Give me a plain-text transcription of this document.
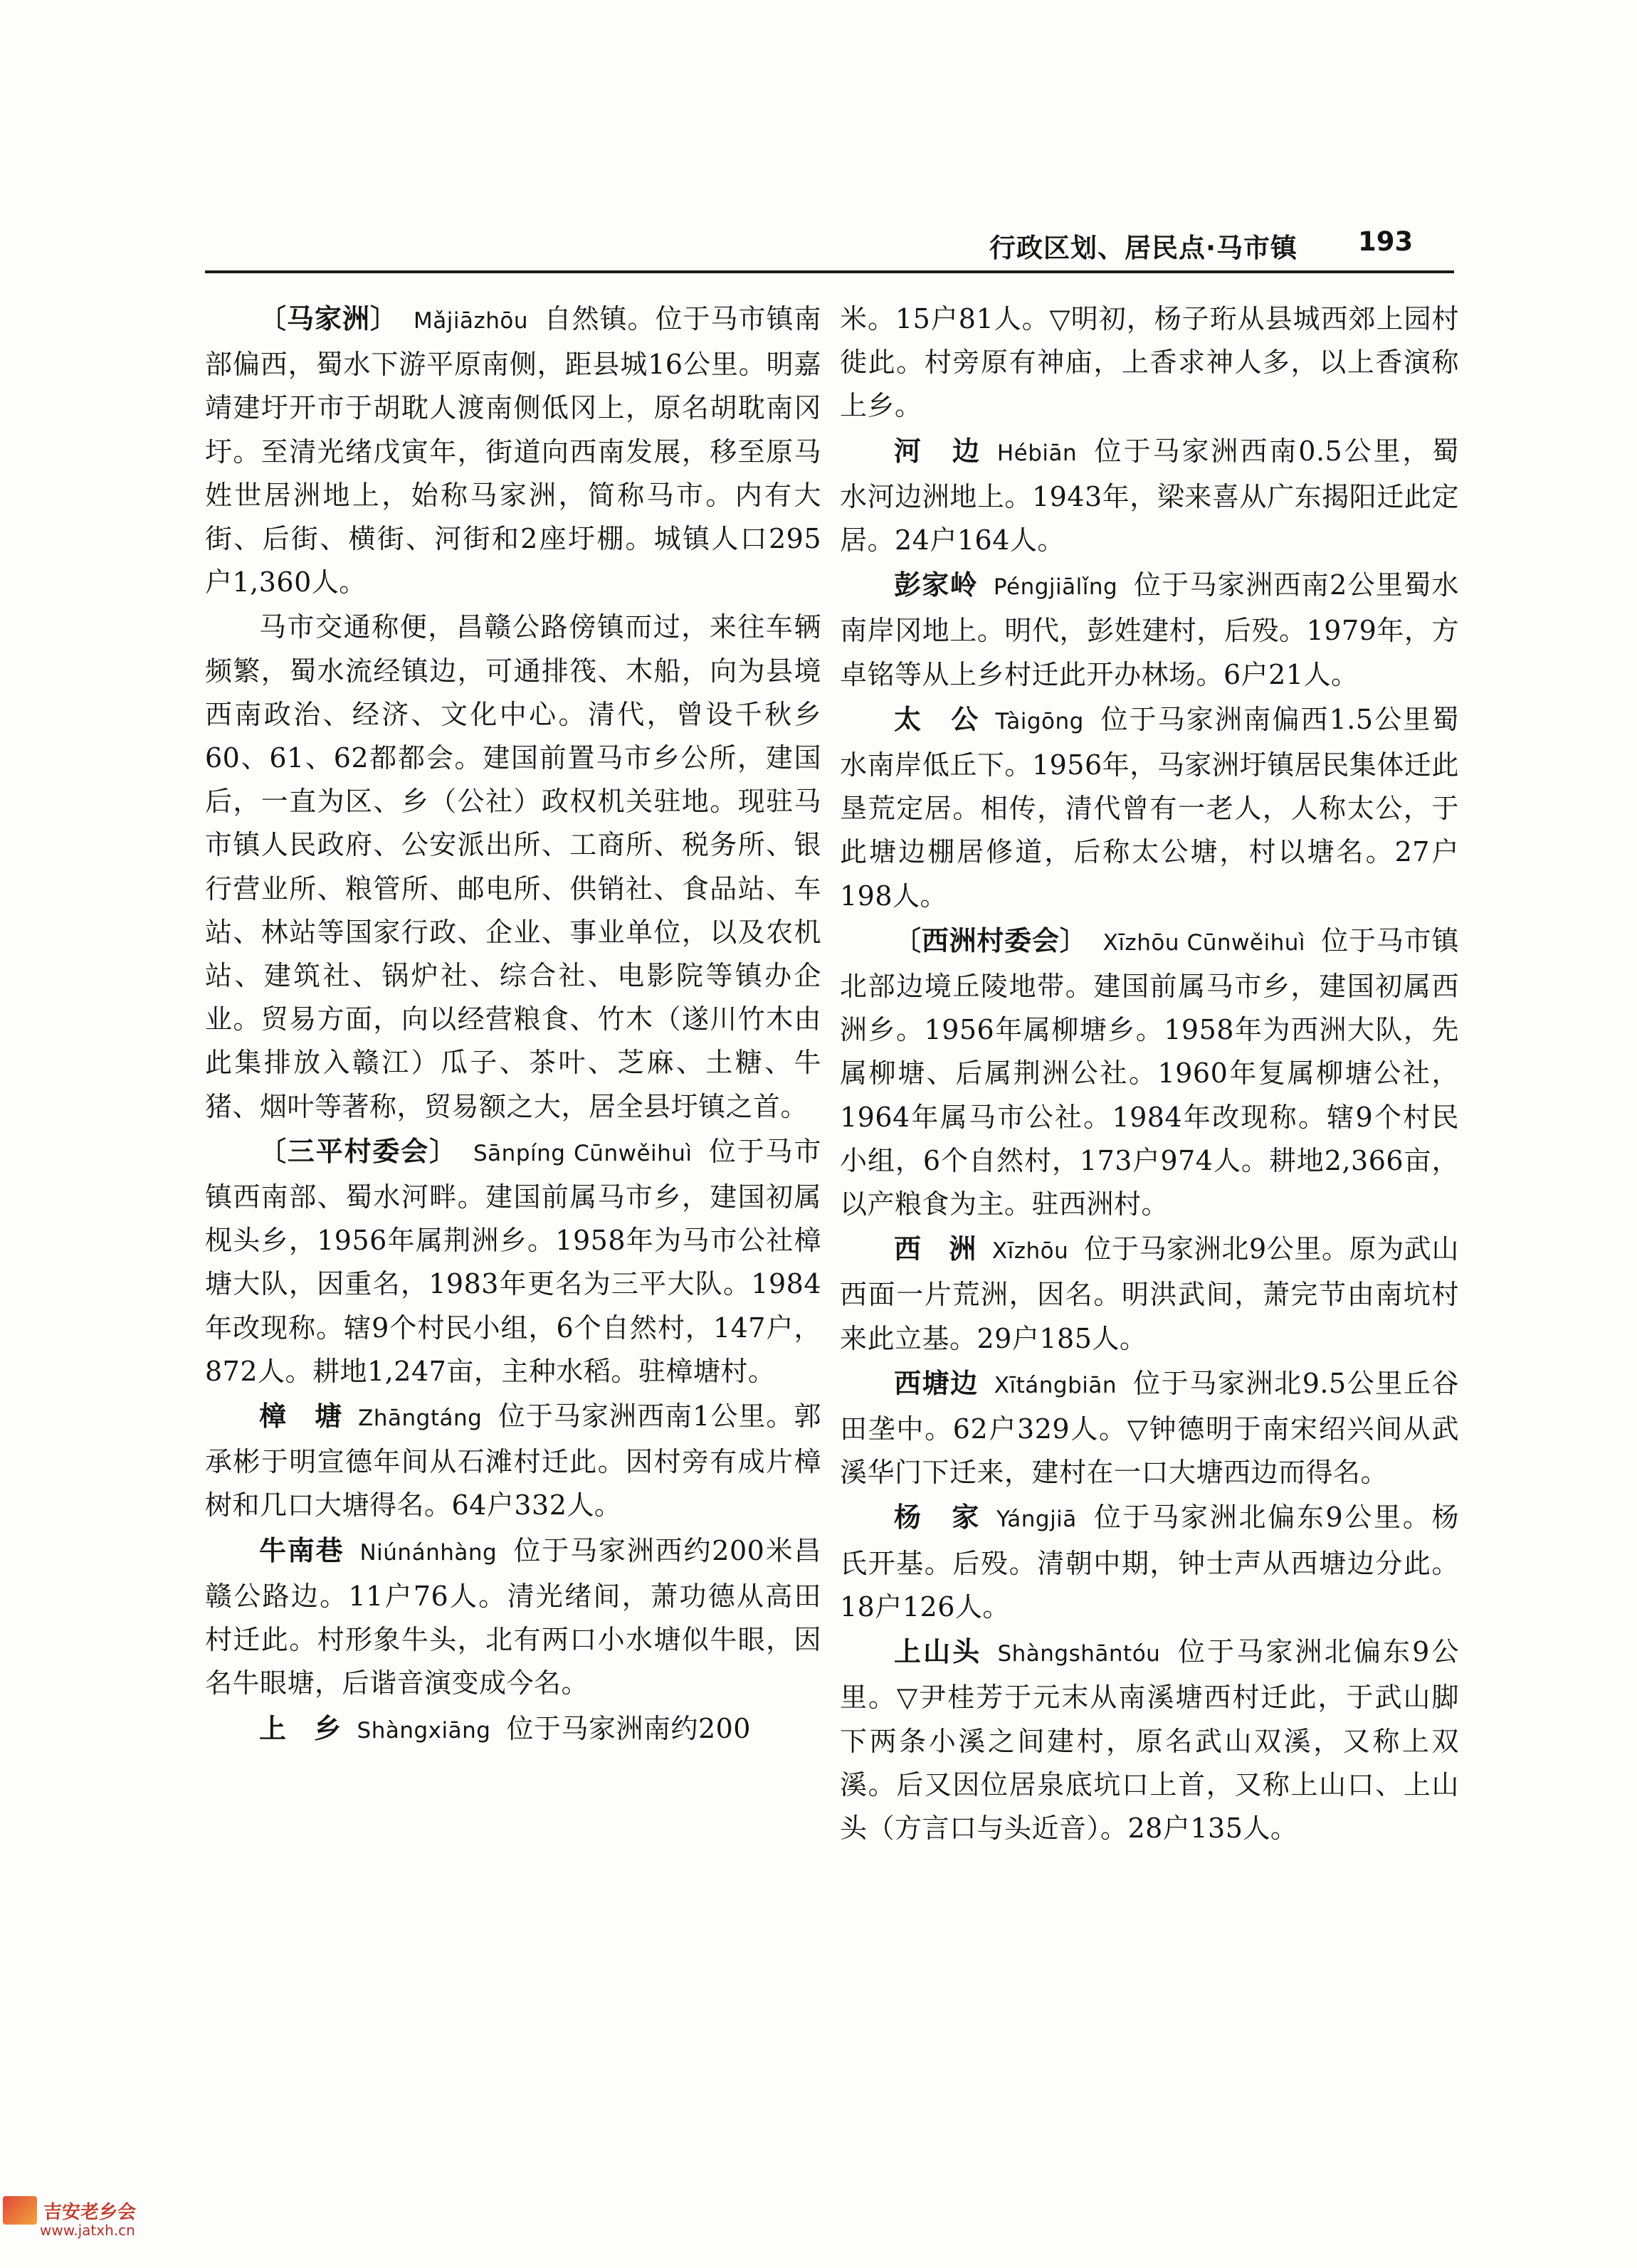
行政区划、居民点·马市镇 193

〔马家洲〕 Mǎjiāzhōu 自然镇。位于马市镇南部偏西，蜀水下游平原南侧，距县城16公里。明嘉靖建圩开市于胡耽人渡南侧低冈上，原名胡耽南冈圩。至清光绪戊寅年，街道向西南发展，移至原马姓世居洲地上，始称马家洲，简称马市。内有大街、后街、横街、河街和2座圩棚。城镇人口295户1,360人。

马市交通称便，昌赣公路傍镇而过，来往车辆频繁，蜀水流经镇边，可通排筏、木船，向为县境西南政治、经济、文化中心。清代，曾设千秋乡60、61、62都都会。建国前置马市乡公所，建国后，一直为区、乡（公社）政权机关驻地。现驻马市镇人民政府、公安派出所、工商所、税务所、银行营业所、粮管所、邮电所、供销社、食品站、车站、林站等国家行政、企业、事业单位，以及农机站、建筑社、锅炉社、综合社、电影院等镇办企业。贸易方面，向以经营粮食、竹木（遂川竹木由此集排放入赣江）瓜子、茶叶、芝麻、土糖、牛猪、烟叶等著称，贸易额之大，居全县圩镇之首。

〔三平村委会〕 Sānpíng Cūnwěihuì 位于马市镇西南部、蜀水河畔。建国前属马市乡，建国初属枧头乡，1956年属荆洲乡。1958年为马市公社樟塘大队，因重名，1983年更名为三平大队。1984年改现称。辖9个村民小组，6个自然村，147户，872人。耕地1,247亩，主种水稻。驻樟塘村。

樟　塘 Zhāngtáng 位于马家洲西南1公里。郭承彬于明宣德年间从石滩村迁此。因村旁有成片樟树和几口大塘得名。64户332人。

牛南巷 Niúnánhàng 位于马家洲西约200米昌赣公路边。11户76人。清光绪间，萧功德从高田村迁此。村形象牛头，北有两口小水塘似牛眼，因名牛眼塘，后谐音演变成今名。

上　乡 Shàngxiāng 位于马家洲南约200

米。15户81人。▽明初，杨子珩从县城西郊上园村徙此。村旁原有神庙，上香求神人多，以上香演称上乡。

河　边 Hébiān 位于马家洲西南0.5公里，蜀水河边洲地上。1943年，梁来喜从广东揭阳迁此定居。24户164人。

彭家岭 Péngjiālǐng 位于马家洲西南2公里蜀水南岸冈地上。明代，彭姓建村，后殁。1979年，方卓铭等从上乡村迁此开办林场。6户21人。

太　公 Tàigōng 位于马家洲南偏西1.5公里蜀水南岸低丘下。1956年，马家洲圩镇居民集体迁此垦荒定居。相传，清代曾有一老人，人称太公，于此塘边棚居修道，后称太公塘，村以塘名。27户198人。

〔西洲村委会〕 Xīzhōu Cūnwěihuì 位于马市镇北部边境丘陵地带。建国前属马市乡，建国初属西洲乡。1956年属柳塘乡。1958年为西洲大队，先属柳塘、后属荆洲公社。1960年复属柳塘公社，1964年属马市公社。1984年改现称。辖9个村民小组，6个自然村，173户974人。耕地2,366亩，以产粮食为主。驻西洲村。

西　洲 Xīzhōu 位于马家洲北9公里。原为武山西面一片荒洲，因名。明洪武间，萧完节由南坑村来此立基。29户185人。

西塘边 Xītángbiān 位于马家洲北9.5公里丘谷田垄中。62户329人。▽钟德明于南宋绍兴间从武溪华门下迁来，建村在一口大塘西边而得名。

杨　家 Yángjiā 位于马家洲北偏东9公里。杨氏开基。后殁。清朝中期，钟士声从西塘边分此。18户126人。

上山头 Shàngshāntóu 位于马家洲北偏东9公里。▽尹桂芳于元末从南溪塘西村迁此，于武山脚下两条小溪之间建村，原名武山双溪，又称上双溪。后又因位居泉底坑口上首，又称上山口、上山头（方言口与头近音）。28户135人。

吉安老乡会
www.jatxh.cn
